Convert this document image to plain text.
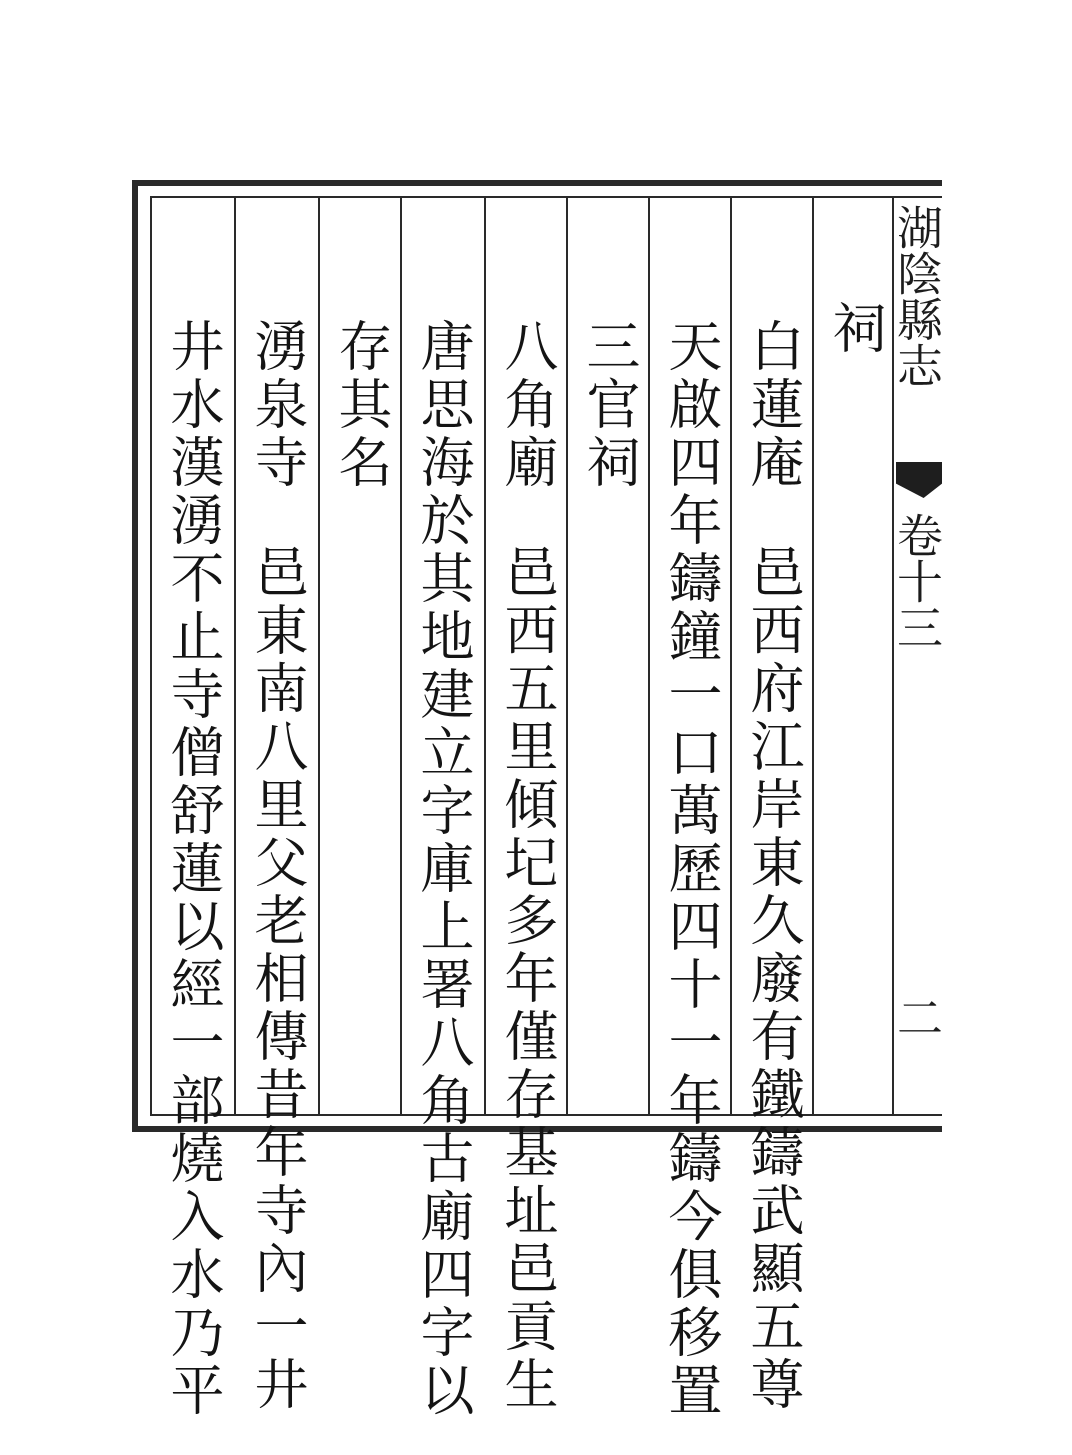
湖陰縣志
卷十三
二
祠
白蓮庵邑西府江岸東久廢有鐵鑄武顯五尊
天啟四年鑄鐘一口萬歷四十一年鑄今俱移置
三官祠
八角廟邑西五里傾圮多年僅存基址邑貢生
唐思海於其地建立字庫上署八角古廟四字以
存其名
湧泉寺邑東南八里父老相傳昔年寺內一井
井水漢湧不止寺僧舒蓮以經一部燒入水乃平
